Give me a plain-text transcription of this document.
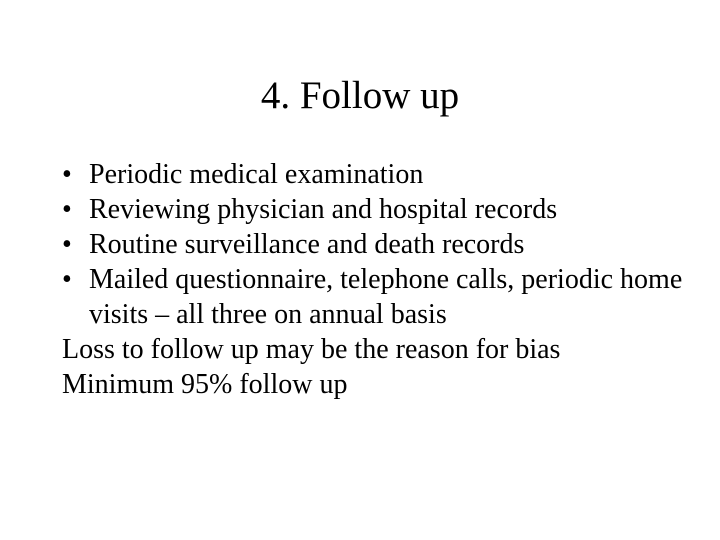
4. Follow up
• Periodic medical examination
• Reviewing physician and hospital records
• Routine surveillance and death records
• Mailed questionnaire, telephone calls, periodic home visits – all three on annual basis
Loss to follow up may be the reason for bias
Minimum 95% follow up
